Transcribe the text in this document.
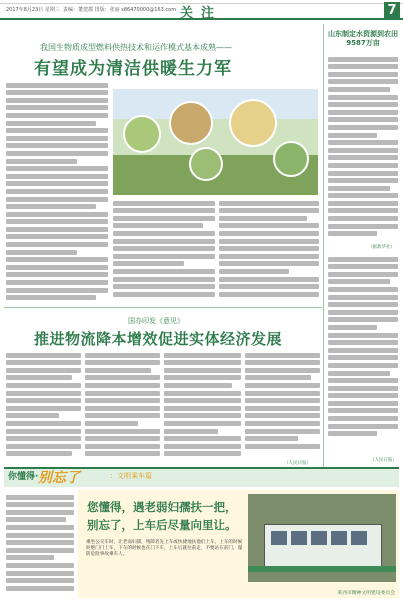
2017年8月23日 星期三 责编：董建郡 排版：张丽 s86470000@163.com 关注	7
我国生物质成型燃料供热技术和运作模式基本成熟——
有望成为清洁供暖生力军
山东制定水资源到农田9587万亩
（据新华社）
（人民日报）
国办印发《意见》
推进物流降本增效促进实体经济发展
（人民日报）
你懂得· 别忘了	：文明乘车篇
您懂得，遇老弱妇孺扶一把，
别忘了，上车后尽量向里让。
乘坐公交车时，让老弱妇孺，残障者先上车或快捷地扶他们上车。上车的时候拒绝门门上车，下车的时候也在门下车，上车后就往前走，不要站在前门，谨防危险事故乘车人。
莱西市精神文明建设委员会
